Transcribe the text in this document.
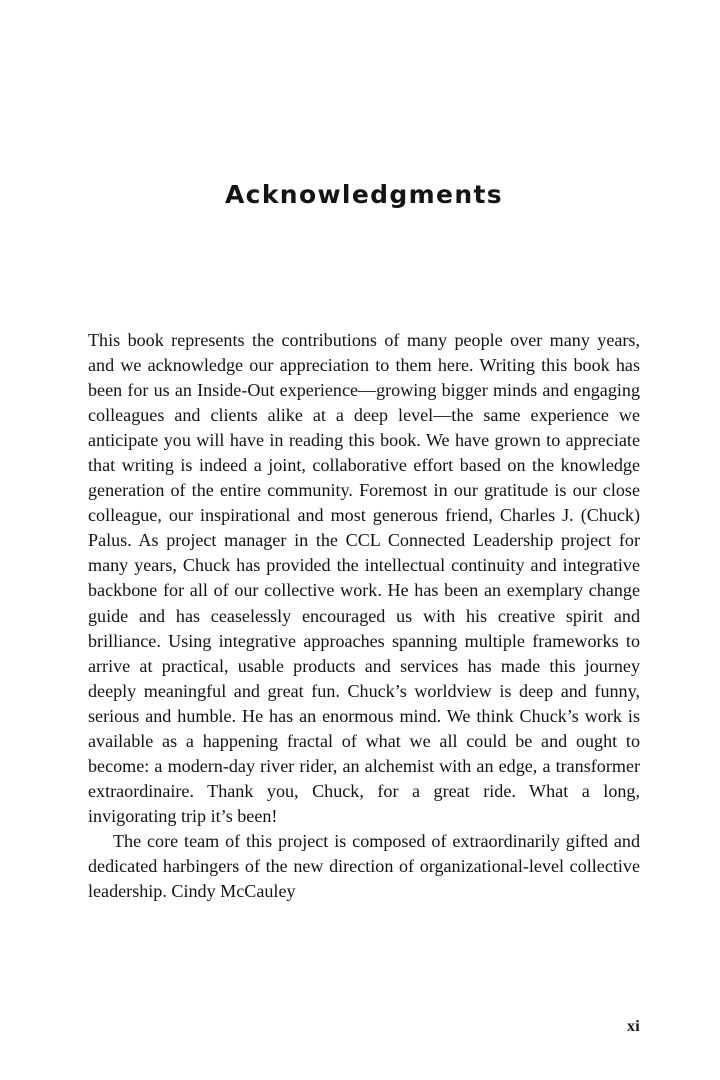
Acknowledgments

This book represents the contributions of many people over many years, and we acknowledge our appreciation to them here. Writing this book has been for us an Inside-Out experience—growing bigger minds and engaging colleagues and clients alike at a deep level—the same experience we anticipate you will have in reading this book. We have grown to appreciate that writing is indeed a joint, collaborative effort based on the knowledge generation of the entire community. Foremost in our gratitude is our close colleague, our inspirational and most generous friend, Charles J. (Chuck) Palus. As project manager in the CCL Connected Leadership project for many years, Chuck has provided the intellectual continuity and integrative backbone for all of our collective work. He has been an exemplary change guide and has ceaselessly encouraged us with his creative spirit and brilliance. Using integrative approaches spanning multiple frameworks to arrive at practical, usable products and services has made this journey deeply meaningful and great fun. Chuck’s worldview is deep and funny, serious and humble. He has an enormous mind. We think Chuck’s work is available as a happening fractal of what we all could be and ought to become: a modern-day river rider, an alchemist with an edge, a transformer extraordinaire. Thank you, Chuck, for a great ride. What a long, invigorating trip it’s been!

The core team of this project is composed of extraordinarily gifted and dedicated harbingers of the new direction of organizational-level collective leadership. Cindy McCauley

xi
